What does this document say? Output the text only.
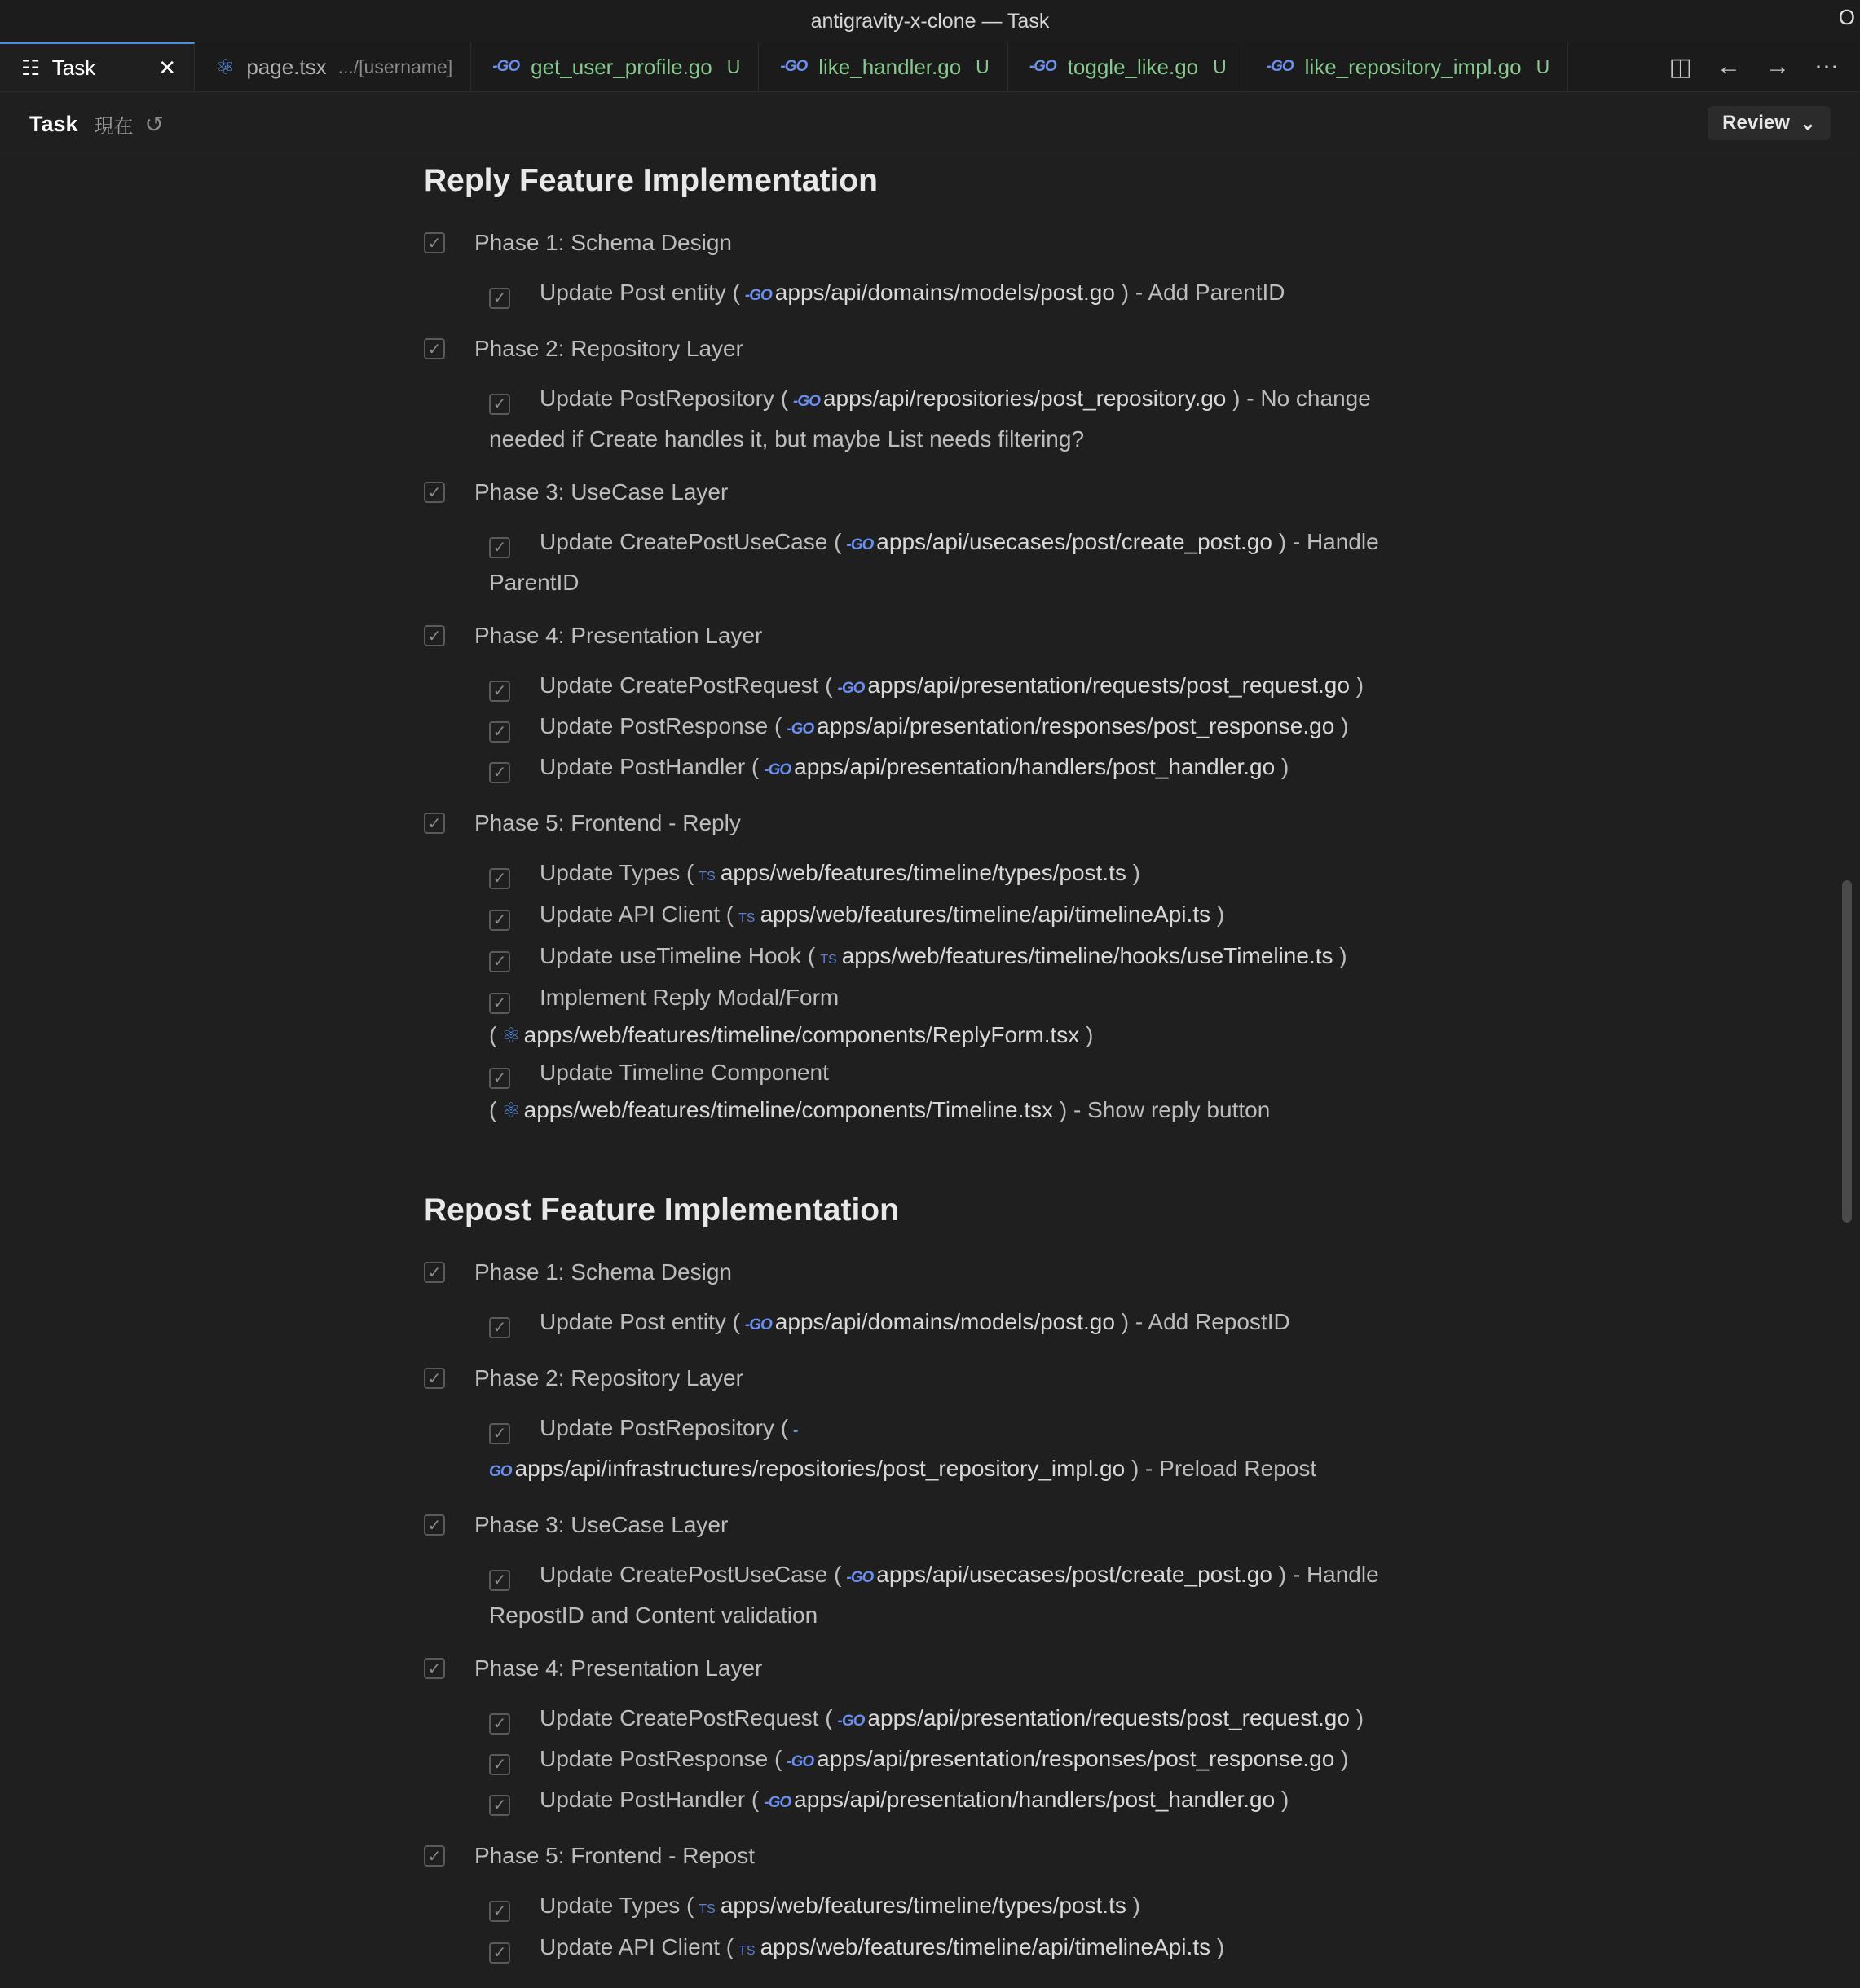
antigravity-x-clone — Task	O
☷ Task	✕ ⚛ page.tsx .../[username]	-GO get_user_profile.go U	-GO like_handler.go U	-GO toggle_like.go U	-GO like_repository_impl.go U	◫ ← → ⋯
Task 現在 ↺	Review ⌄
Reply Feature Implementation
✓ Phase 1: Schema Design
✓ Update Post entity ( -GO apps/api/domains/models/post.go ) - Add ParentID
✓ Phase 2: Repository Layer
✓ Update PostRepository ( -GO apps/api/repositories/post_repository.go ) - No change needed if Create handles it, but maybe List needs filtering?
✓ Phase 3: UseCase Layer
✓ Update CreatePostUseCase ( -GO apps/api/usecases/post/create_post.go ) - Handle ParentID
✓ Phase 4: Presentation Layer
✓ Update CreatePostRequest ( -GO apps/api/presentation/requests/post_request.go )
✓ Update PostResponse ( -GO apps/api/presentation/responses/post_response.go )
✓ Update PostHandler ( -GO apps/api/presentation/handlers/post_handler.go )
✓ Phase 5: Frontend - Reply
✓ Update Types ( TS apps/web/features/timeline/types/post.ts )
✓ Update API Client ( TS apps/web/features/timeline/api/timelineApi.ts )
✓ Update useTimeline Hook ( TS apps/web/features/timeline/hooks/useTimeline.ts )
✓ Implement Reply Modal/Form ( ⚛ apps/web/features/timeline/components/ReplyForm.tsx )
✓ Update Timeline Component ( ⚛ apps/web/features/timeline/components/Timeline.tsx ) - Show reply button
Repost Feature Implementation
✓ Phase 1: Schema Design
✓ Update Post entity ( -GO apps/api/domains/models/post.go ) - Add RepostID
✓ Phase 2: Repository Layer
✓ Update PostRepository ( -GO apps/api/infrastructures/repositories/post_repository_impl.go ) - Preload Repost
✓ Phase 3: UseCase Layer
✓ Update CreatePostUseCase ( -GO apps/api/usecases/post/create_post.go ) - Handle RepostID and Content validation
✓ Phase 4: Presentation Layer
✓ Update CreatePostRequest ( -GO apps/api/presentation/requests/post_request.go )
✓ Update PostResponse ( -GO apps/api/presentation/responses/post_response.go )
✓ Update PostHandler ( -GO apps/api/presentation/handlers/post_handler.go )
✓ Phase 5: Frontend - Repost
✓ Update Types ( TS apps/web/features/timeline/types/post.ts )
✓ Update API Client ( TS apps/web/features/timeline/api/timelineApi.ts )
